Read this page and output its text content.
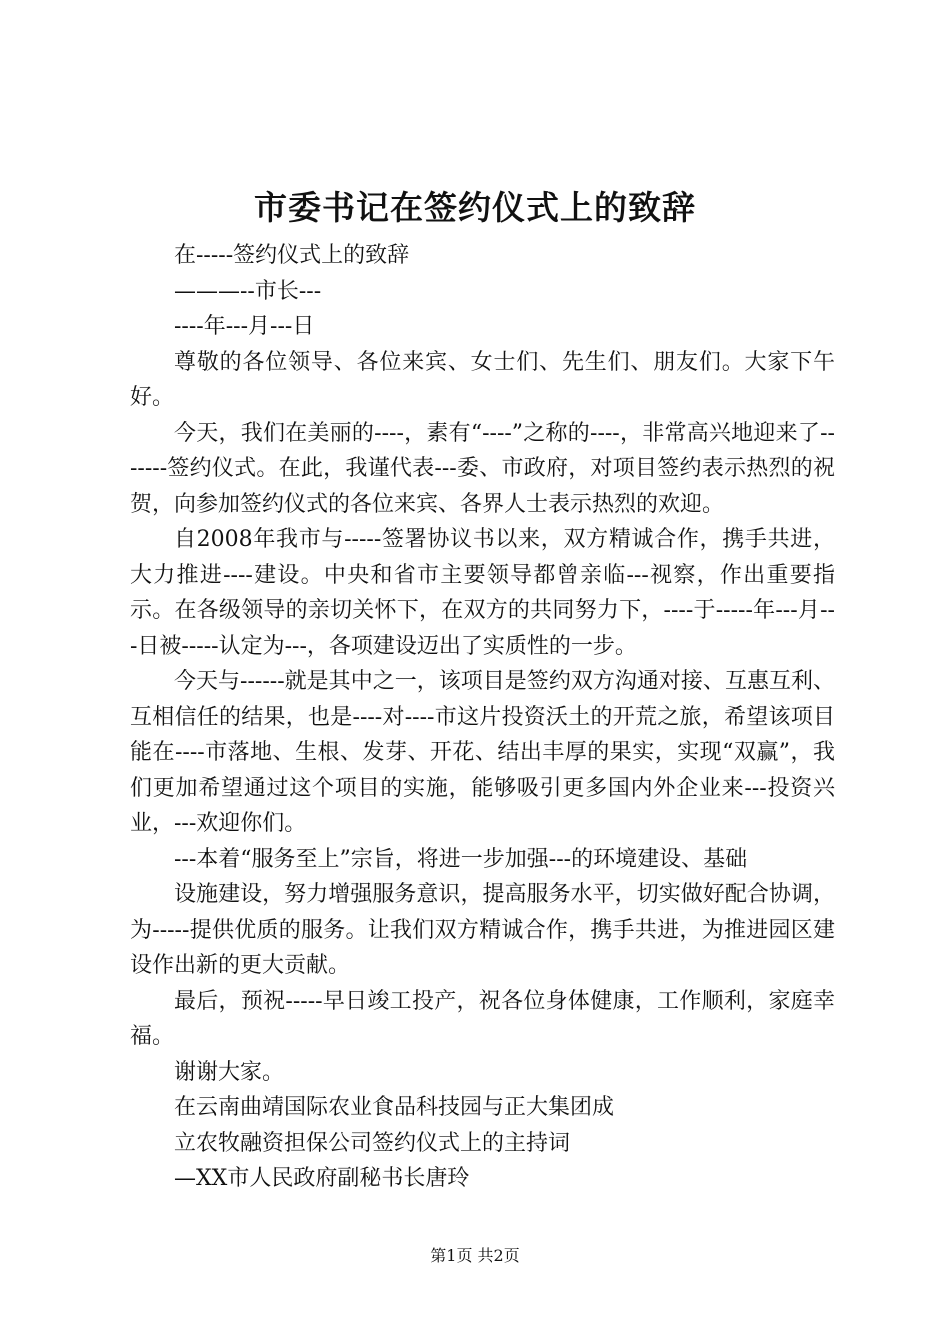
市委书记在签约仪式上的致辞

在-----签约仪式上的致辞

———--市长---

----年---月---日

尊敬的各位领导、各位来宾、女士们、先生们、朋友们。大家下午好。

今天，我们在美丽的----，素有“----”之称的----，非常高兴地迎来了-------签约仪式。在此，我谨代表---委、市政府，对项目签约表示热烈的祝贺，向参加签约仪式的各位来宾、各界人士表示热烈的欢迎。

自2008年我市与-----签署协议书以来，双方精诚合作，携手共进，大力推进----建设。中央和省市主要领导都曾亲临---视察，作出重要指示。在各级领导的亲切关怀下，在双方的共同努力下，----于-----年---月---日被-----认定为---，各项建设迈出了实质性的一步。

今天与------就是其中之一，该项目是签约双方沟通对接、互惠互利、互相信任的结果，也是----对----市这片投资沃土的开荒之旅，希望该项目能在----市落地、生根、发芽、开花、结出丰厚的果实，实现“双赢”，我们更加希望通过这个项目的实施，能够吸引更多国内外企业来---投资兴业，---欢迎你们。

---本着“服务至上”宗旨，将进一步加强---的环境建设、基础

设施建设，努力增强服务意识，提高服务水平，切实做好配合协调，为-----提供优质的服务。让我们双方精诚合作，携手共进，为推进园区建设作出新的更大贡献。

最后，预祝-----早日竣工投产，祝各位身体健康，工作顺利，家庭幸福。

谢谢大家。

在云南曲靖国际农业食品科技园与正大集团成

立农牧融资担保公司签约仪式上的主持词

—XX市人民政府副秘书长唐玲

第1页 共2页
